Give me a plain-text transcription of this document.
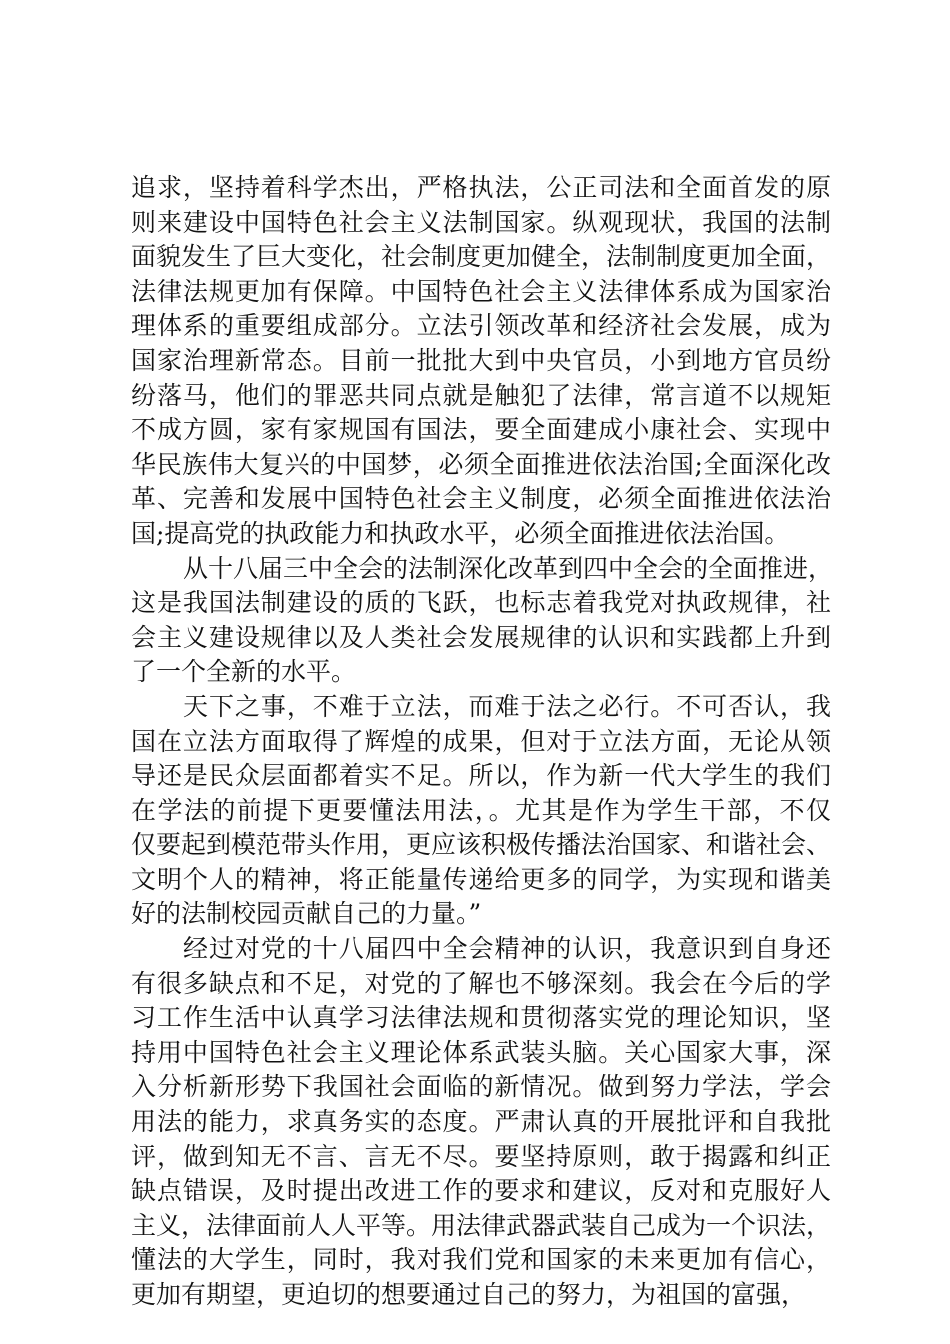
追求，坚持着科学杰出，严格执法，公正司法和全面首发的原
则来建设中国特色社会主义法制国家。纵观现状，我国的法制
面貌发生了巨大变化，社会制度更加健全，法制制度更加全面，
法律法规更加有保障。中国特色社会主义法律体系成为国家治
理体系的重要组成部分。立法引领改革和经济社会发展，成为
国家治理新常态。目前一批批大到中央官员，小到地方官员纷
纷落马，他们的罪恶共同点就是触犯了法律，常言道不以规矩
不成方圆，家有家规国有国法，要全面建成小康社会、实现中
华民族伟大复兴的中国梦，必须全面推进依法治国;全面深化改
革、完善和发展中国特色社会主义制度，必须全面推进依法治
国;提高党的执政能力和执政水平，必须全面推进依法治国。
从十八届三中全会的法制深化改革到四中全会的全面推进，
这是我国法制建设的质的飞跃，也标志着我党对执政规律，社
会主义建设规律以及人类社会发展规律的认识和实践都上升到
了一个全新的水平。
天下之事，不难于立法，而难于法之必行。不可否认，我
国在立法方面取得了辉煌的成果，但对于立法方面，无论从领
导还是民众层面都着实不足。所以，作为新一代大学生的我们
在学法的前提下更要懂法用法，。尤其是作为学生干部，不仅
仅要起到模范带头作用，更应该积极传播法治国家、和谐社会、
文明个人的精神，将正能量传递给更多的同学，为实现和谐美
好的法制校园贡献自己的力量。”
经过对党的十八届四中全会精神的认识，我意识到自身还
有很多缺点和不足，对党的了解也不够深刻。我会在今后的学
习工作生活中认真学习法律法规和贯彻落实党的理论知识，坚
持用中国特色社会主义理论体系武装头脑。关心国家大事，深
入分析新形势下我国社会面临的新情况。做到努力学法，学会
用法的能力，求真务实的态度。严肃认真的开展批评和自我批
评，做到知无不言、言无不尽。要坚持原则，敢于揭露和纠正
缺点错误，及时提出改进工作的要求和建议，反对和克服好人
主义，法律面前人人平等。用法律武器武装自己成为一个识法，
懂法的大学生，同时，我对我们党和国家的未来更加有信心，
更加有期望，更迫切的想要通过自己的努力，为祖国的富强，
